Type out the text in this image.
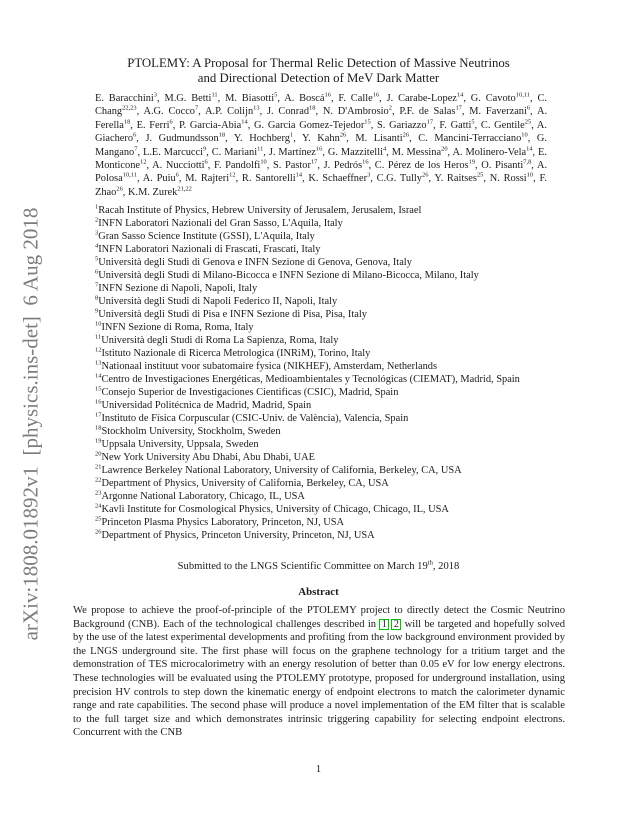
arXiv:1808.01892v1  [physics.ins-det]  6 Aug 2018
PTOLEMY: A Proposal for Thermal Relic Detection of Massive Neutrinos
and Directional Detection of MeV Dark Matter
E. Baracchini$^3$, M.G. Betti$^{11}$, M. Biasotti$^5$, A. Boscá$^{16}$, F. Calle$^{16}$, J. Carabe-Lopez$^{14}$, G. Cavoto$^{10,11}$, C. Chang$^{22,23}$, A.G. Cocco$^7$, A.P. Colijn$^{13}$, J. Conrad$^{18}$, N. D'Ambrosio$^2$, P.F. de Salas$^{17}$, M. Faverzani$^6$, A. Ferella$^{18}$, E. Ferri$^6$, P. Garcia-Abia$^{14}$, G. Garcia Gomez-Tejedor$^{15}$, S. Gariazzo$^{17}$, F. Gatti$^5$, C. Gentile$^{25}$, A. Giachero$^6$, J. Gudmundsson$^{18}$, Y. Hochberg$^1$, Y. Kahn$^{26}$, M. Lisanti$^{26}$, C. Mancini-Terracciano$^{10}$, G. Mangano$^7$, L.E. Marcucci$^9$, C. Mariani$^{11}$, J. Martínez$^{16}$, G. Mazzitelli$^4$, M. Messina$^{20}$, A. Molinero-Vela$^{14}$, E. Monticone$^{12}$, A. Nucciotti$^6$, F. Pandolfi$^{10}$, S. Pastor$^{17}$, J. Pedrós$^{16}$, C. Pérez de los Heros$^{19}$, O. Pisanti$^{7,8}$, A. Polosa$^{10,11}$, A. Puiu$^6$, M. Rajteri$^{12}$, R. Santorelli$^{14}$, K. Schaeffner$^3$, C.G. Tully$^{26}$, Y. Raitses$^{25}$, N. Rossi$^{10}$, F. Zhao$^{26}$, K.M. Zurek$^{21,22}$
$^1$Racah Institute of Physics, Hebrew University of Jerusalem, Jerusalem, Israel
$^2$INFN Laboratori Nazionali del Gran Sasso, L'Aquila, Italy
$^3$Gran Sasso Science Institute (GSSI), L'Aquila, Italy
$^4$INFN Laboratori Nazionali di Frascati, Frascati, Italy
$^5$Università degli Studi di Genova e INFN Sezione di Genova, Genova, Italy
$^6$Università degli Studi di Milano-Bicocca e INFN Sezione di Milano-Bicocca, Milano, Italy
$^7$INFN Sezione di Napoli, Napoli, Italy
$^8$Università degli Studi di Napoli Federico II, Napoli, Italy
$^9$Università degli Studi di Pisa e INFN Sezione di Pisa, Pisa, Italy
$^{10}$INFN Sezione di Roma, Roma, Italy
$^{11}$Università degli Studi di Roma La Sapienza, Roma, Italy
$^{12}$Istituto Nazionale di Ricerca Metrologica (INRiM), Torino, Italy
$^{13}$Nationaal instituut voor subatomaire fysica (NIKHEF), Amsterdam, Netherlands
$^{14}$Centro de Investigaciones Energéticas, Medioambientales y Tecnológicas (CIEMAT), Madrid, Spain
$^{15}$Consejo Superior de Investigaciones Cientificas (CSIC), Madrid, Spain
$^{16}$Universidad Politécnica de Madrid, Madrid, Spain
$^{17}$Instituto de Física Corpuscular (CSIC-Univ. de València), Valencia, Spain
$^{18}$Stockholm University, Stockholm, Sweden
$^{19}$Uppsala University, Uppsala, Sweden
$^{20}$New York University Abu Dhabi, Abu Dhabi, UAE
$^{21}$Lawrence Berkeley National Laboratory, University of California, Berkeley, CA, USA
$^{22}$Department of Physics, University of California, Berkeley, CA, USA
$^{23}$Argonne National Laboratory, Chicago, IL, USA
$^{24}$Kavli Institute for Cosmological Physics, University of Chicago, Chicago, IL, USA
$^{25}$Princeton Plasma Physics Laboratory, Princeton, NJ, USA
$^{26}$Department of Physics, Princeton University, Princeton, NJ, USA
Submitted to the LNGS Scientific Committee on March 19th, 2018
Abstract
We propose to achieve the proof-of-principle of the PTOLEMY project to directly detect the Cosmic Neutrino Background (CNB). Each of the technological challenges described in 1 2 will be targeted and hopefully solved by the use of the latest experimental developments and profiting from the low background environment provided by the LNGS underground site. The first phase will focus on the graphene technology for a tritium target and the demonstration of TES microcalorimetry with an energy resolution of better than 0.05 eV for low energy electrons. These technologies will be evaluated using the PTOLEMY prototype, proposed for underground installation, using precision HV controls to step down the kinematic energy of endpoint electrons to match the calorimeter dynamic range and rate capabilities. The second phase will produce a novel implementation of the EM filter that is scalable to the full target size and which demonstrates intrinsic triggering capability for selecting endpoint electrons. Concurrent with the CNB
1
